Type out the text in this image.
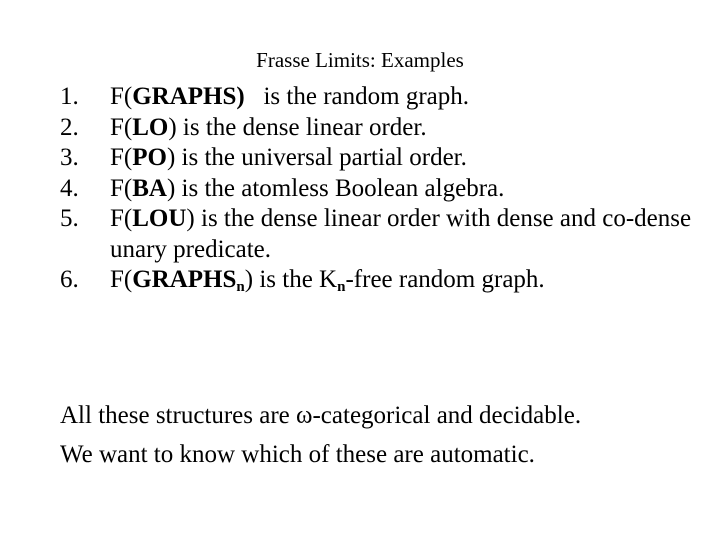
Frasse Limits: Examples
1.	F(GRAPHS)   is the random graph.
2.	F(LO) is the dense linear order.
3.	F(PO) is the universal partial order.
4.	F(BA) is the atomless Boolean algebra.
5.	F(LOU) is the dense linear order with dense and co-dense unary predicate.
6.	$F(GRAPHS_n)$ is the $K_n$-free random graph.
All these structures are ω-categorical and decidable.
We want to know which of these are automatic.
